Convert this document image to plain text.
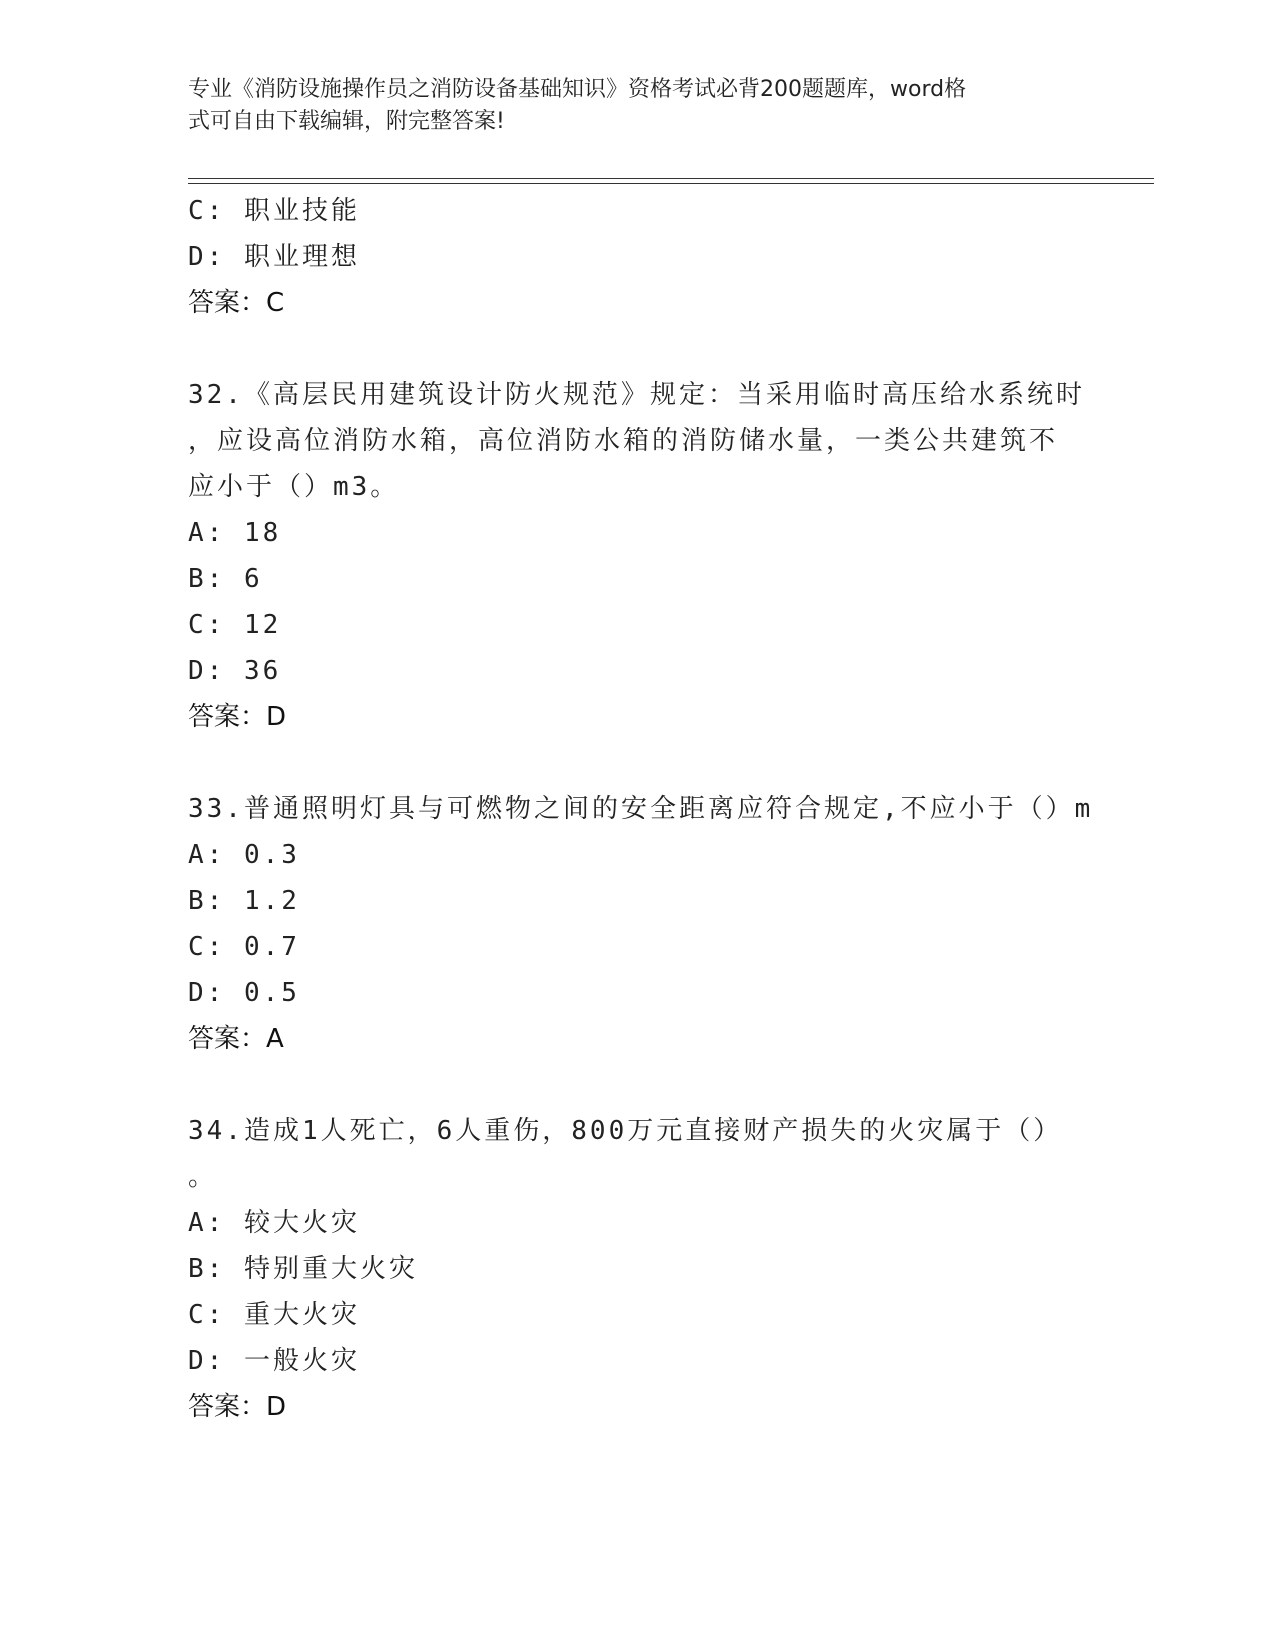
专业《消防设施操作员之消防设备基础知识》资格考试必背200题题库，word格
式可自由下载编辑，附完整答案!
C: 职业技能
D: 职业理想
答案：C
32.《高层民用建筑设计防火规范》规定：当采用临时高压给水系统时
，应设高位消防水箱，高位消防水箱的消防储水量，一类公共建筑不
应小于（）m3。
A: 18
B: 6
C: 12
D: 36
答案：D
33.普通照明灯具与可燃物之间的安全距离应符合规定,不应小于（）m
A: 0.3
B: 1.2
C: 0.7
D: 0.5
答案：A
34.造成1人死亡，6人重伤，800万元直接财产损失的火灾属于（）
。
A: 较大火灾
B: 特别重大火灾
C: 重大火灾
D: 一般火灾
答案：D
